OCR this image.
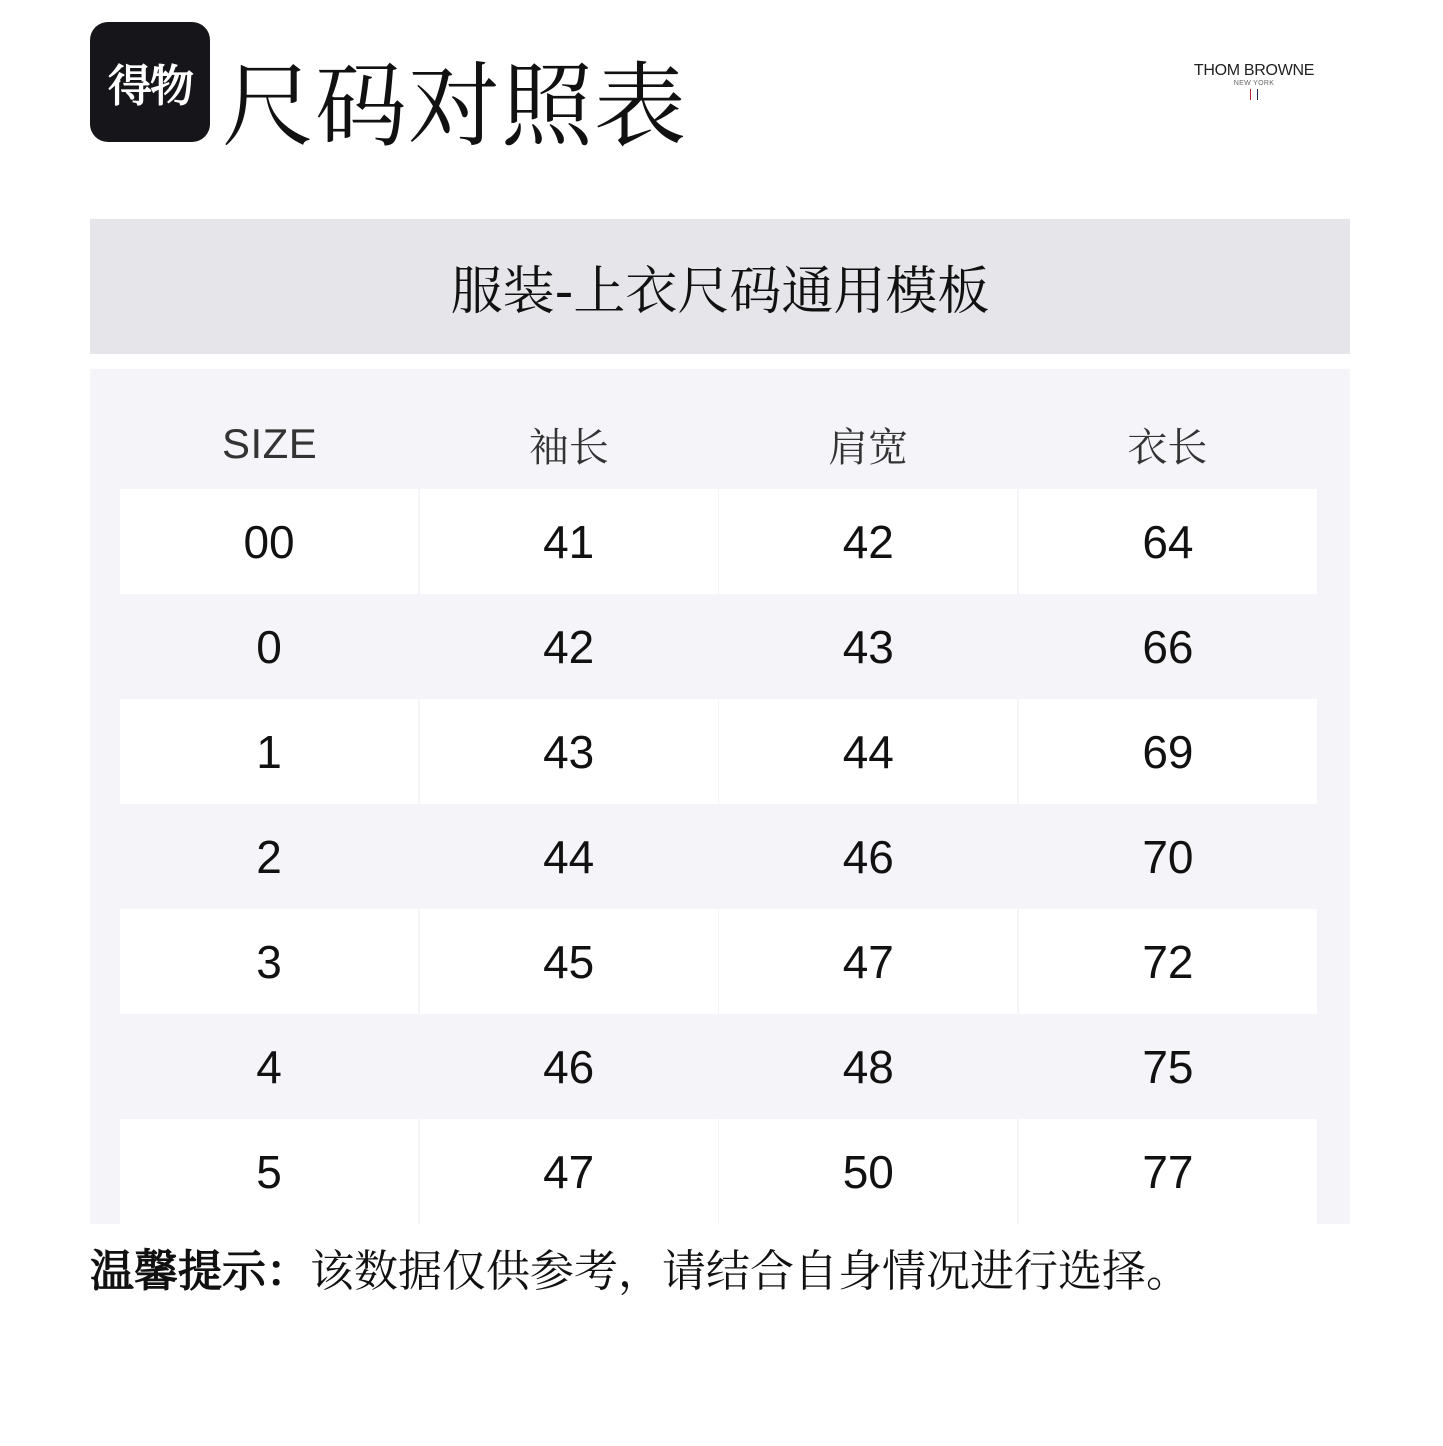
得物 尺码对照表	THOM BROWNE
NEW YORK
服装-上衣尺码通用模板
SIZE	袖长	肩宽	衣长
00	41	42	64
0	42	43	66
1	43	44	69
2	44	46	70
3	45	47	72
4	46	48	75
5	47	50	77
温馨提示：该数据仅供参考，请结合自身情况进行选择。
